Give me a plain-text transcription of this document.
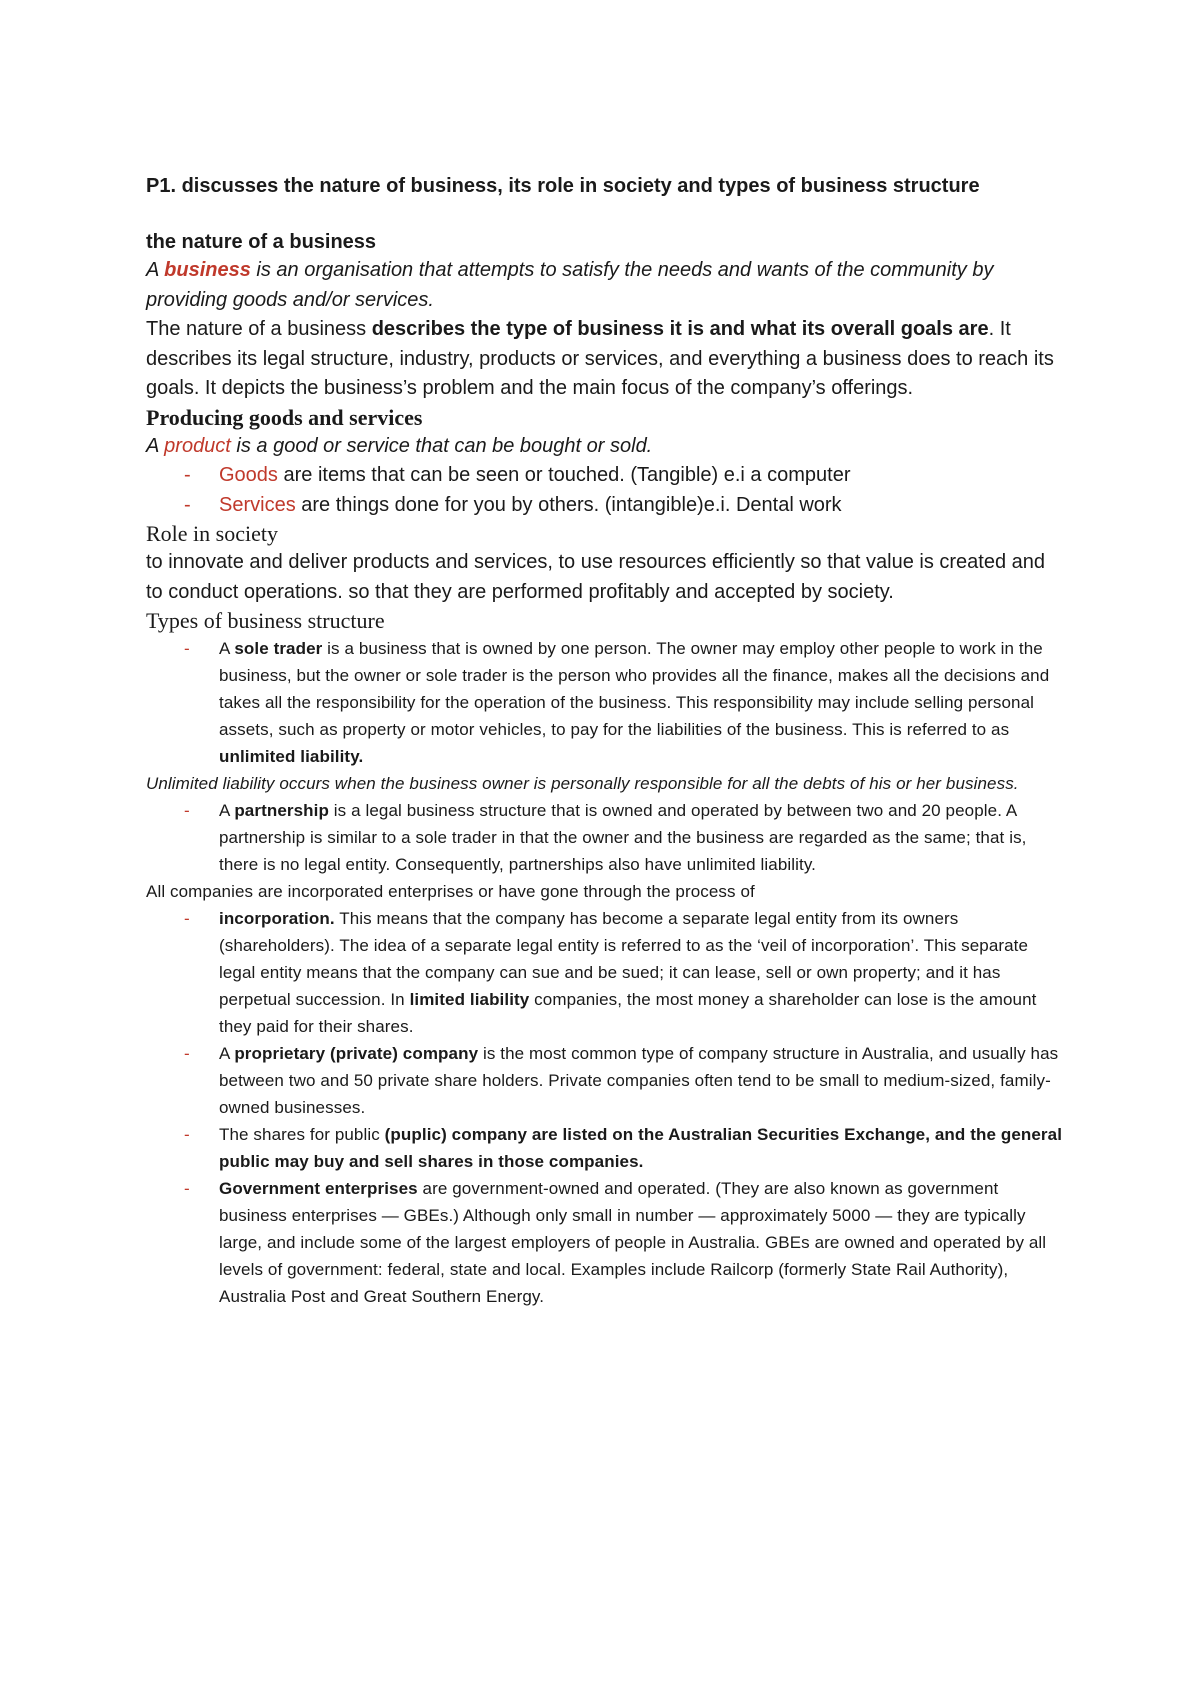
P1. discusses the nature of business, its role in society and types of business structure

the nature of a business

A business is an organisation that attempts to satisfy the needs and wants of the community by providing goods and/or services.

The nature of a business describes the type of business it is and what its overall goals are. It describes its legal structure, industry, products or services, and everything a business does to reach its goals. It depicts the business’s problem and the main focus of the company’s offerings.

Producing goods and services

A product is a good or service that can be bought or sold.

- Goods are items that can be seen or touched. (Tangible) e.i a computer
- Services are things done for you by others. (intangible)e.i. Dental work

Role in society

to innovate and deliver products and services, to use resources efficiently so that value is created and to conduct operations. so that they are performed profitably and accepted by society.

Types of business structure

- A sole trader is a business that is owned by one person. The owner may employ other people to work in the business, but the owner or sole trader is the person who provides all the finance, makes all the decisions and takes all the responsibility for the operation of the business. This responsibility may include selling personal assets, such as property or motor vehicles, to pay for the liabilities of the business. This is referred to as unlimited liability.

Unlimited liability occurs when the business owner is personally responsible for all the debts of his or her business.

- A partnership is a legal business structure that is owned and operated by between two and 20 people. A partnership is similar to a sole trader in that the owner and the business are regarded as the same; that is, there is no legal entity. Consequently, partnerships also have unlimited liability.

All companies are incorporated enterprises or have gone through the process of

- incorporation. This means that the company has become a separate legal entity from its owners (shareholders). The idea of a separate legal entity is referred to as the ‘veil of incorporation’. This separate legal entity means that the company can sue and be sued; it can lease, sell or own property; and it has perpetual succession. In limited liability companies, the most money a shareholder can lose is the amount they paid for their shares.
- A proprietary (private) company is the most common type of company structure in Australia, and usually has between two and 50 private share holders. Private companies often tend to be small to medium-sized, family-owned businesses.
- The shares for public (puplic) company are listed on the Australian Securities Exchange, and the general public may buy and sell shares in those companies.
- Government enterprises are government-owned and operated. (They are also known as government business enterprises — GBEs.) Although only small in number — approximately 5000 — they are typically large, and include some of the largest employers of people in Australia. GBEs are owned and operated by all levels of government: federal, state and local. Examples include Railcorp (formerly State Rail Authority), Australia Post and Great Southern Energy.
